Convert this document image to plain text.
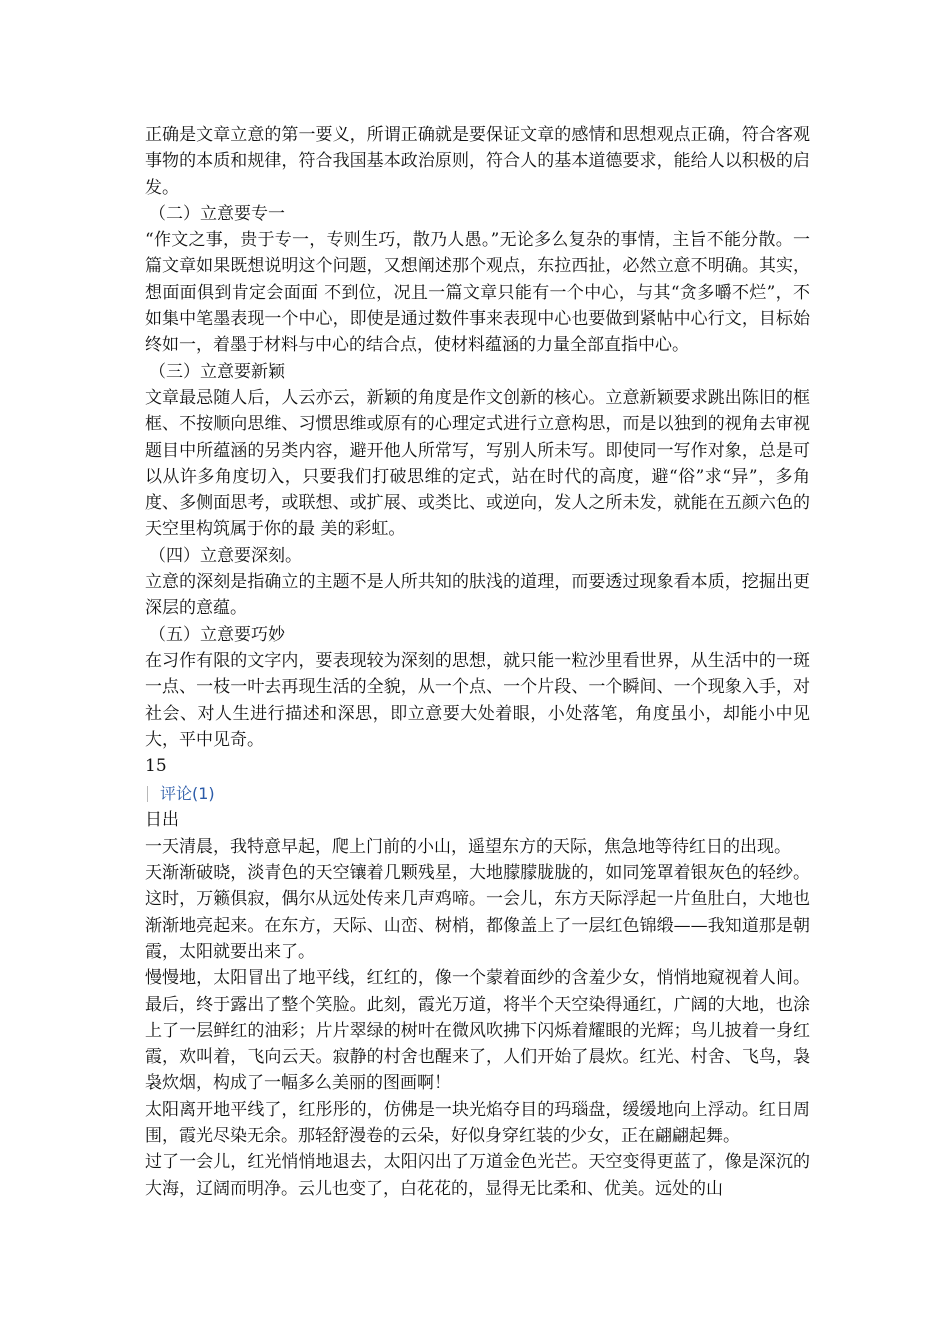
正确是文章立意的第一要义，所谓正确就是要保证文章的感情和思想观点正确，符合客观事物的本质和规律，符合我国基本政治原则，符合人的基本道德要求，能给人以积极的启发。

（二）立意要专一

“作文之事，贵于专一，专则生巧，散乃人愚。”无论多么复杂的事情，主旨不能分散。一篇文章如果既想说明这个问题，又想阐述那个观点，东拉西扯，必然立意不明确。其实，想面面俱到肯定会面面 不到位，况且一篇文章只能有一个中心，与其“贪多嚼不烂”，不如集中笔墨表现一个中心，即使是通过数件事来表现中心也要做到紧帖中心行文，目标始终如一，着墨于材料与中心的结合点，使材料蕴涵的力量全部直指中心。

（三）立意要新颖

文章最忌随人后，人云亦云，新颖的角度是作文创新的核心。立意新颖要求跳出陈旧的框框、不按顺向思维、习惯思维或原有的心理定式进行立意构思，而是以独到的视角去审视题目中所蕴涵的另类内容，避开他人所常写，写别人所未写。即使同一写作对象，总是可以从许多角度切入，只要我们打破思维的定式，站在时代的高度，避“俗”求“异”，多角度、多侧面思考，或联想、或扩展、或类比、或逆向，发人之所未发，就能在五颜六色的天空里构筑属于你的最 美的彩虹。

（四）立意要深刻。

立意的深刻是指确立的主题不是人所共知的肤浅的道理，而要透过现象看本质，挖掘出更深层的意蕴。

（五）立意要巧妙

在习作有限的文字内，要表现较为深刻的思想，就只能一粒沙里看世界，从生活中的一斑一点、一枝一叶去再现生活的全貌，从一个点、一个片段、一个瞬间、一个现象入手，对社会、对人生进行描述和深思，即立意要大处着眼，小处落笔，角度虽小，却能小中见大，平中见奇。

15

评论(1)

日出

一天清晨，我特意早起，爬上门前的小山，遥望东方的天际，焦急地等待红日的出现。

天渐渐破晓，淡青色的天空镶着几颗残星，大地朦朦胧胧的，如同笼罩着银灰色的轻纱。这时，万籁俱寂，偶尔从远处传来几声鸡啼。一会儿，东方天际浮起一片鱼肚白，大地也渐渐地亮起来。在东方，天际、山峦、树梢，都像盖上了一层红色锦缎——我知道那是朝霞，太阳就要出来了。

慢慢地，太阳冒出了地平线，红红的，像一个蒙着面纱的含羞少女，悄悄地窥视着人间。最后，终于露出了整个笑脸。此刻，霞光万道，将半个天空染得通红，广阔的大地，也涂上了一层鲜红的油彩；片片翠绿的树叶在微风吹拂下闪烁着耀眼的光辉；鸟儿披着一身红霞，欢叫着，飞向云天。寂静的村舍也醒来了，人们开始了晨炊。红光、村舍、飞鸟，袅袅炊烟，构成了一幅多么美丽的图画啊！

太阳离开地平线了，红彤彤的，仿佛是一块光焰夺目的玛瑙盘，缓缓地向上浮动。红日周围，霞光尽染无余。那轻舒漫卷的云朵，好似身穿红装的少女，正在翩翩起舞。

过了一会儿，红光悄悄地退去，太阳闪出了万道金色光芒。天空变得更蓝了，像是深沉的大海，辽阔而明净。云儿也变了，白花花的，显得无比柔和、优美。远处的山
